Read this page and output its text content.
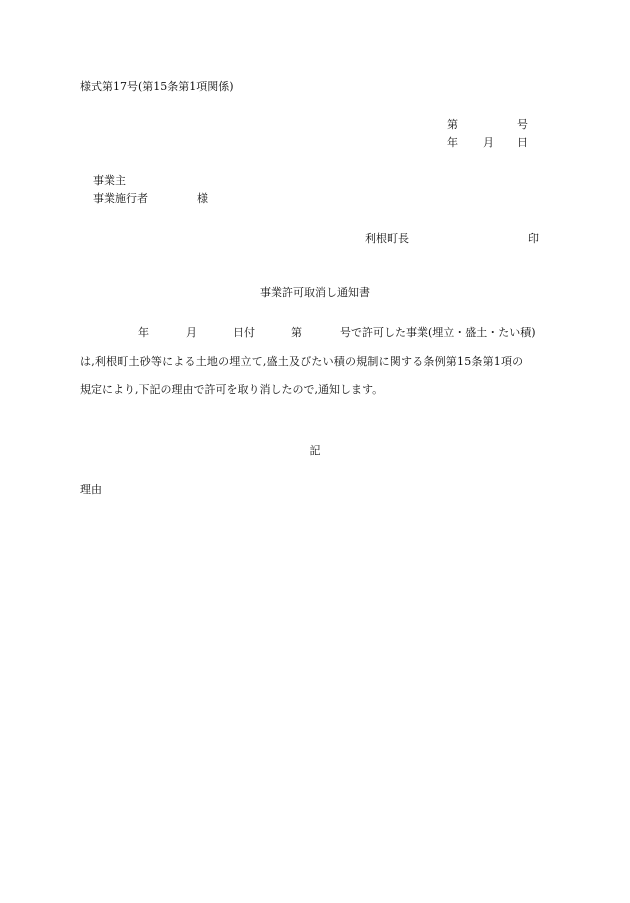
様式第17号(第15条第1項関係)
第	号
年 月 日
事業主
事業施行者	様
利根町長	印
事業許可取消し通知書
年	月	日付	第	号で許可した事業(埋立・盛土・たい積)
は,利根町土砂等による土地の埋立て,盛土及びたい積の規制に関する条例第15条第1項の
規定により,下記の理由で許可を取り消したので,通知します。
記
理由
